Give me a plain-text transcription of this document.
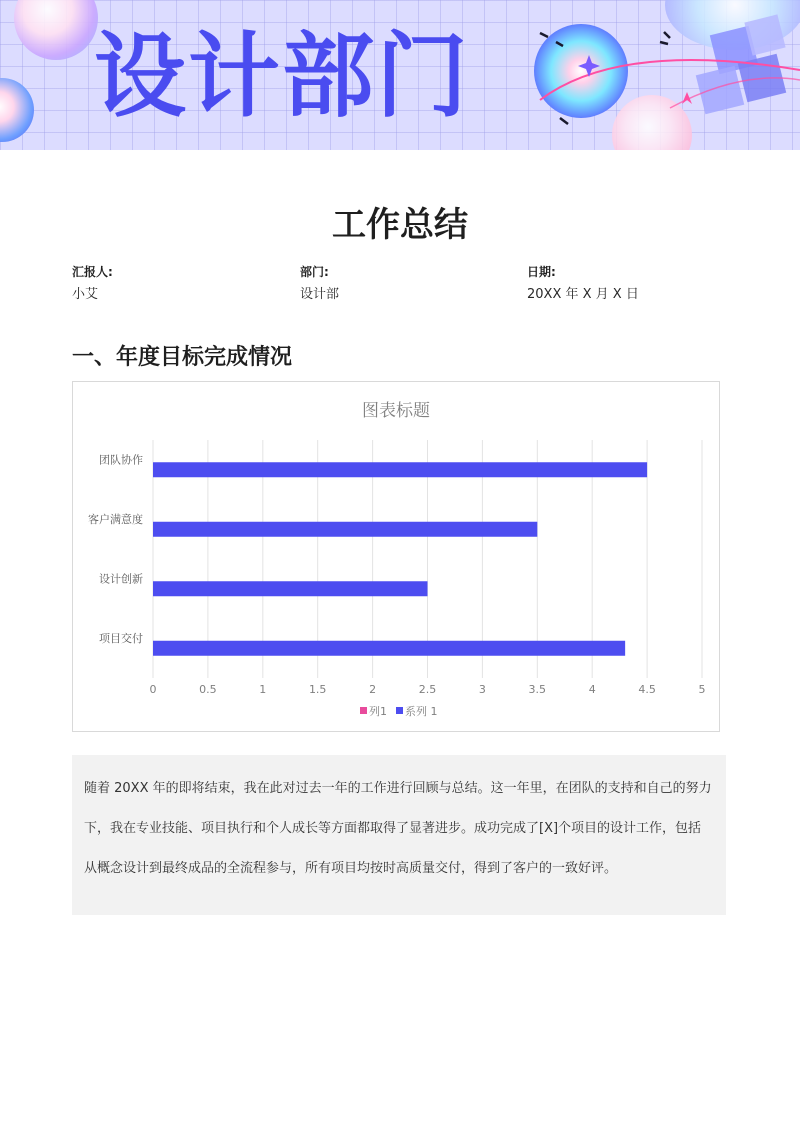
设计部门
工作总结
汇报人:
小艾
部门:
设计部
日期:
20XX 年 X 月 X 日
一、年度目标完成情况
图表标题
0	0.5	1	1.5	2	2.5	3	3.5	4	4.5	5
团队协作
客户满意度
设计创新
项目交付
列1 系列 1

随着 20XX 年的即将结束，我在此对过去一年的工作进行回顾与总结。这一年里，在团队的支持和自己的努力下，我在专业技能、项目执行和个人成长等方面都取得了显著进步。成功完成了[X]个项目的设计工作，包括从概念设计到最终成品的全流程参与，所有项目均按时高质量交付，得到了客户的一致好评。
